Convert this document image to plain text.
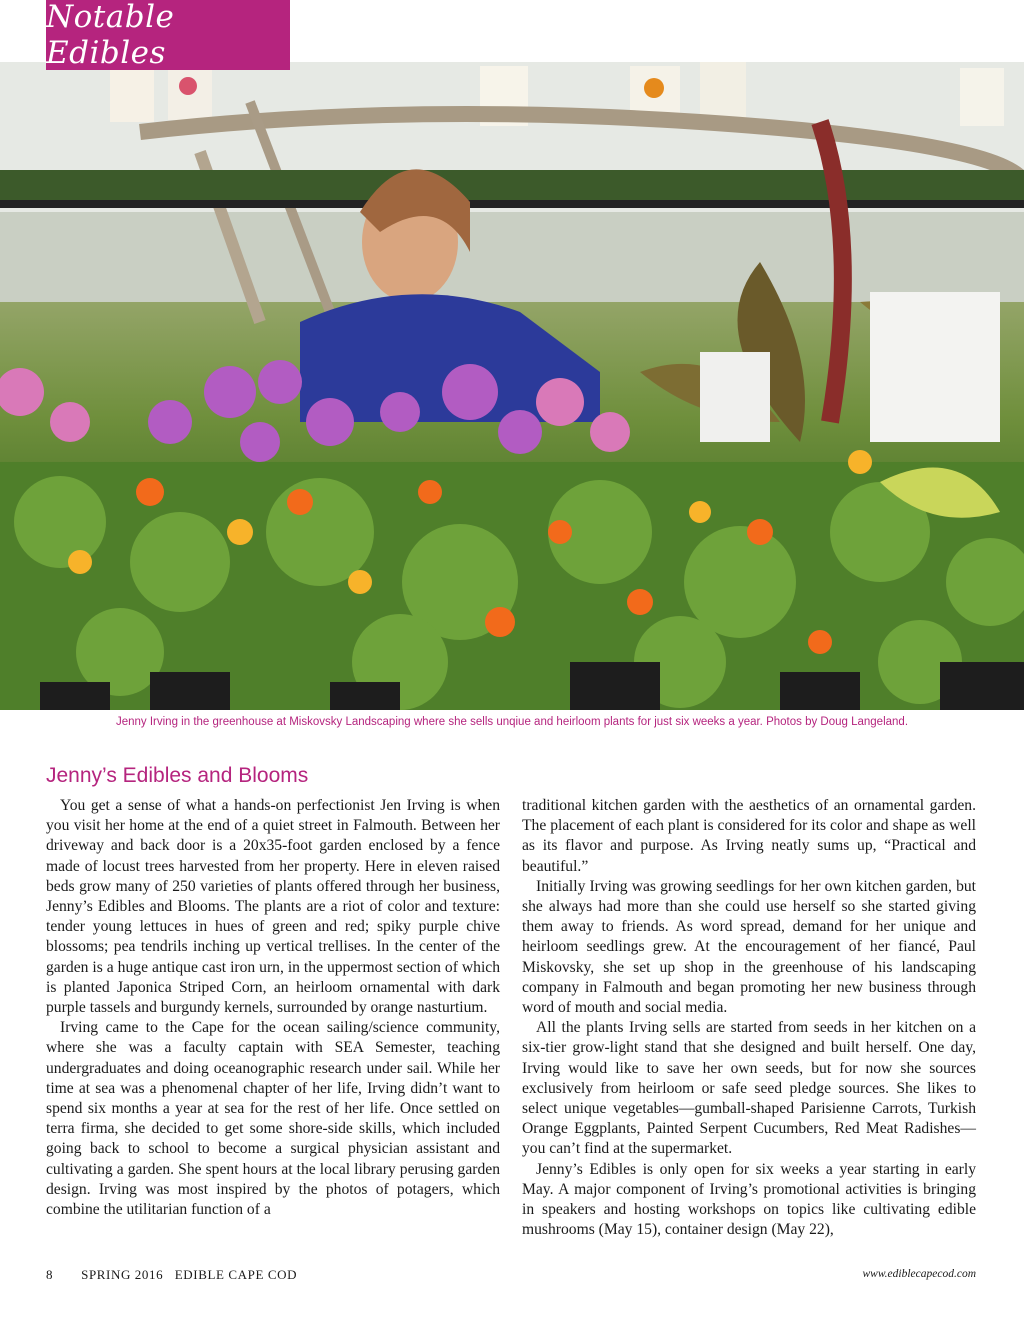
Notable Edibles
Jenny Irving in the greenhouse at Miskovsky Landscaping where she sells unqiue and heirloom plants for just six weeks a year. Photos by Doug Langeland.
Jenny’s Edibles and Blooms

You get a sense of what a hands-on perfectionist Jen Irving is when you visit her home at the end of a quiet street in Falmouth. Between her driveway and back door is a 20x35-foot garden enclosed by a fence made of locust trees harvested from her property. Here in eleven raised beds grow many of 250 varieties of plants offered through her business, Jenny’s Edibles and Blooms. The plants are a riot of color and texture: tender young lettuces in hues of green and red; spiky purple chive blossoms; pea tendrils inching up vertical trellises. In the center of the garden is a huge antique cast iron urn, in the uppermost section of which is planted Japonica Striped Corn, an heirloom ornamental with dark purple tassels and burgundy kernels, surrounded by orange nasturtium.

Irving came to the Cape for the ocean sailing/science community, where she was a faculty captain with SEA Semester, teaching undergraduates and doing oceanographic research under sail. While her time at sea was a phenomenal chapter of her life, Irving didn’t want to spend six months a year at sea for the rest of her life. Once settled on terra firma, she decided to get some shore-side skills, which included going back to school to become a surgical physician assistant and cultivating a garden. She spent hours at the local library perusing garden design. Irving was most inspired by the photos of potagers, which combine the utilitarian function of a

traditional kitchen garden with the aesthetics of an ornamental garden. The placement of each plant is considered for its color and shape as well as its flavor and purpose. As Irving neatly sums up, “Practical and beautiful.”

Initially Irving was growing seedlings for her own kitchen garden, but she always had more than she could use herself so she started giving them away to friends. As word spread, demand for her unique and heirloom seedlings grew. At the encouragement of her fiancé, Paul Miskovsky, she set up shop in the greenhouse of his landscaping company in Falmouth and began promoting her new business through word of mouth and social media.

All the plants Irving sells are started from seeds in her kitchen on a six-tier grow-light stand that she designed and built herself. One day, Irving would like to save her own seeds, but for now she sources exclusively from heirloom or safe seed pledge sources. She likes to select unique vegetables—gumball-shaped Parisienne Carrots, Turkish Orange Eggplants, Painted Serpent Cucumbers, Red Meat Radishes—you can’t find at the supermarket.

Jenny’s Edibles is only open for six weeks a year starting in early May. A major component of Irving’s promotional activities is bringing in speakers and hosting workshops on topics like cultivating edible mushrooms (May 15), container design (May 22),

8 SPRING 2016   EDIBLE CAPE COD	www.ediblecapecod.com
